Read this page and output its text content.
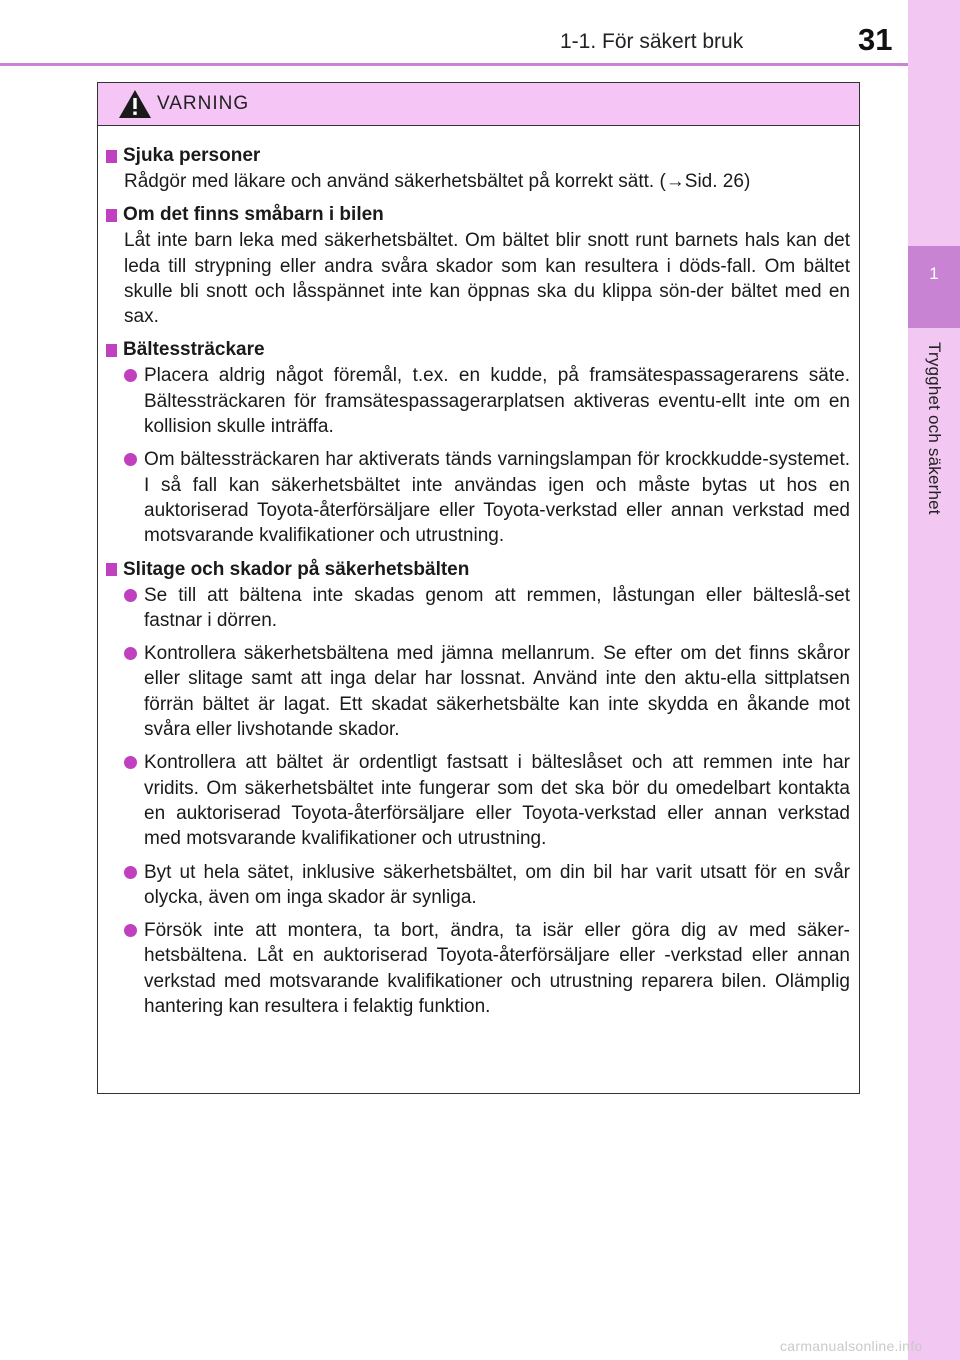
1-1. För säkert bruk	31
1
Trygghet och säkerhet
VARNING
Sjuka personer
Rådgör med läkare och använd säkerhetsbältet på korrekt sätt. (→Sid. 26)
Om det finns småbarn i bilen
Låt inte barn leka med säkerhetsbältet. Om bältet blir snott runt barnets hals kan det leda till strypning eller andra svåra skador som kan resultera i döds-fall. Om bältet skulle bli snott och låsspännet inte kan öppnas ska du klippa sön-der bältet med en sax.
Bältessträckare
Placera aldrig något föremål, t.ex. en kudde, på framsätespassagerarens säte. Bältessträckaren för framsätespassagerarplatsen aktiveras eventu-ellt inte om en kollision skulle inträffa.
Om bältessträckaren har aktiverats tänds varningslampan för krockkudde-systemet. I så fall kan säkerhetsbältet inte användas igen och måste bytas ut hos en auktoriserad Toyota-återförsäljare eller Toyota-verkstad eller annan verkstad med motsvarande kvalifikationer och utrustning.
Slitage och skador på säkerhetsbälten
Se till att bältena inte skadas genom att remmen, låstungan eller bälteslå-set fastnar i dörren.
Kontrollera säkerhetsbältena med jämna mellanrum. Se efter om det finns skåror eller slitage samt att inga delar har lossnat. Använd inte den aktu-ella sittplatsen förrän bältet är lagat. Ett skadat säkerhetsbälte kan inte skydda en åkande mot svåra eller livshotande skador.
Kontrollera att bältet är ordentligt fastsatt i bälteslåset och att remmen inte har vridits. Om säkerhetsbältet inte fungerar som det ska bör du omedelbart kontakta en auktoriserad Toyota-återförsäljare eller Toyota-verkstad eller annan verkstad med motsvarande kvalifikationer och utrustning.
Byt ut hela sätet, inklusive säkerhetsbältet, om din bil har varit utsatt för en svår olycka, även om inga skador är synliga.
Försök inte att montera, ta bort, ändra, ta isär eller göra dig av med säker-hetsbältena. Låt en auktoriserad Toyota-återförsäljare eller -verkstad eller annan verkstad med motsvarande kvalifikationer och utrustning reparera bilen. Olämplig hantering kan resultera i felaktig funktion.
carmanualsonline.info
